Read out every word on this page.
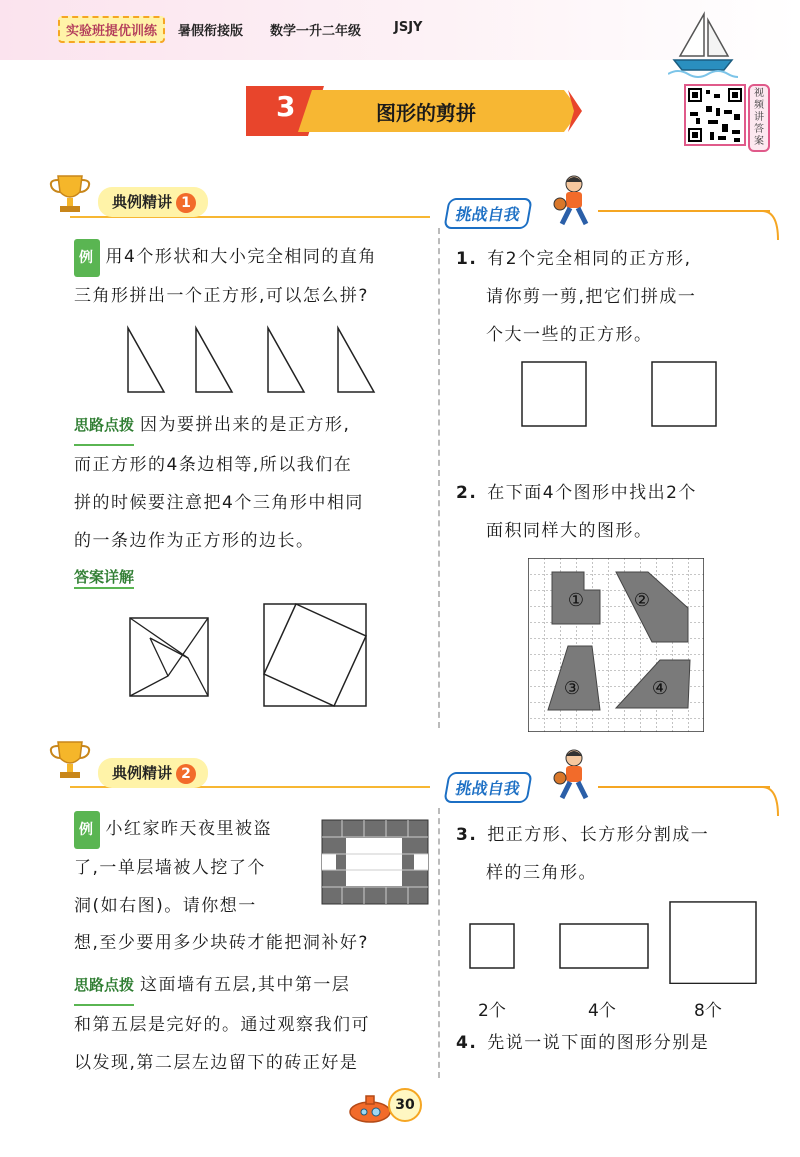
实验班提优训练	暑假衔接版 数学一升二年级	JSJY
3	图形的剪拼
视频讲答案
典例精讲 1
挑战自我
例 用4个形状和大小完全相同的直角
三角形拼出一个正方形,可以怎么拼?
思路点拨 因为要拼出来的是正方形,
而正方形的4条边相等,所以我们在
拼的时候要注意把4个三角形中相同
的一条边作为正方形的边长。
答案详解
1. 有2个完全相同的正方形,
请你剪一剪,把它们拼成一
个大一些的正方形。
2. 在下面4个图形中找出2个
面积同样大的图形。
①	②
③	④
典例精讲 2
挑战自我
例 小红家昨天夜里被盗
了,一单层墙被人挖了个
洞(如右图)。请你想一
想,至少要用多少块砖才能把洞补好?
思路点拨 这面墙有五层,其中第一层
和第五层是完好的。通过观察我们可
以发现,第二层左边留下的砖正好是
3. 把正方形、长方形分割成一
样的三角形。
2个	4个	8个
4. 先说一说下面的图形分别是
30
